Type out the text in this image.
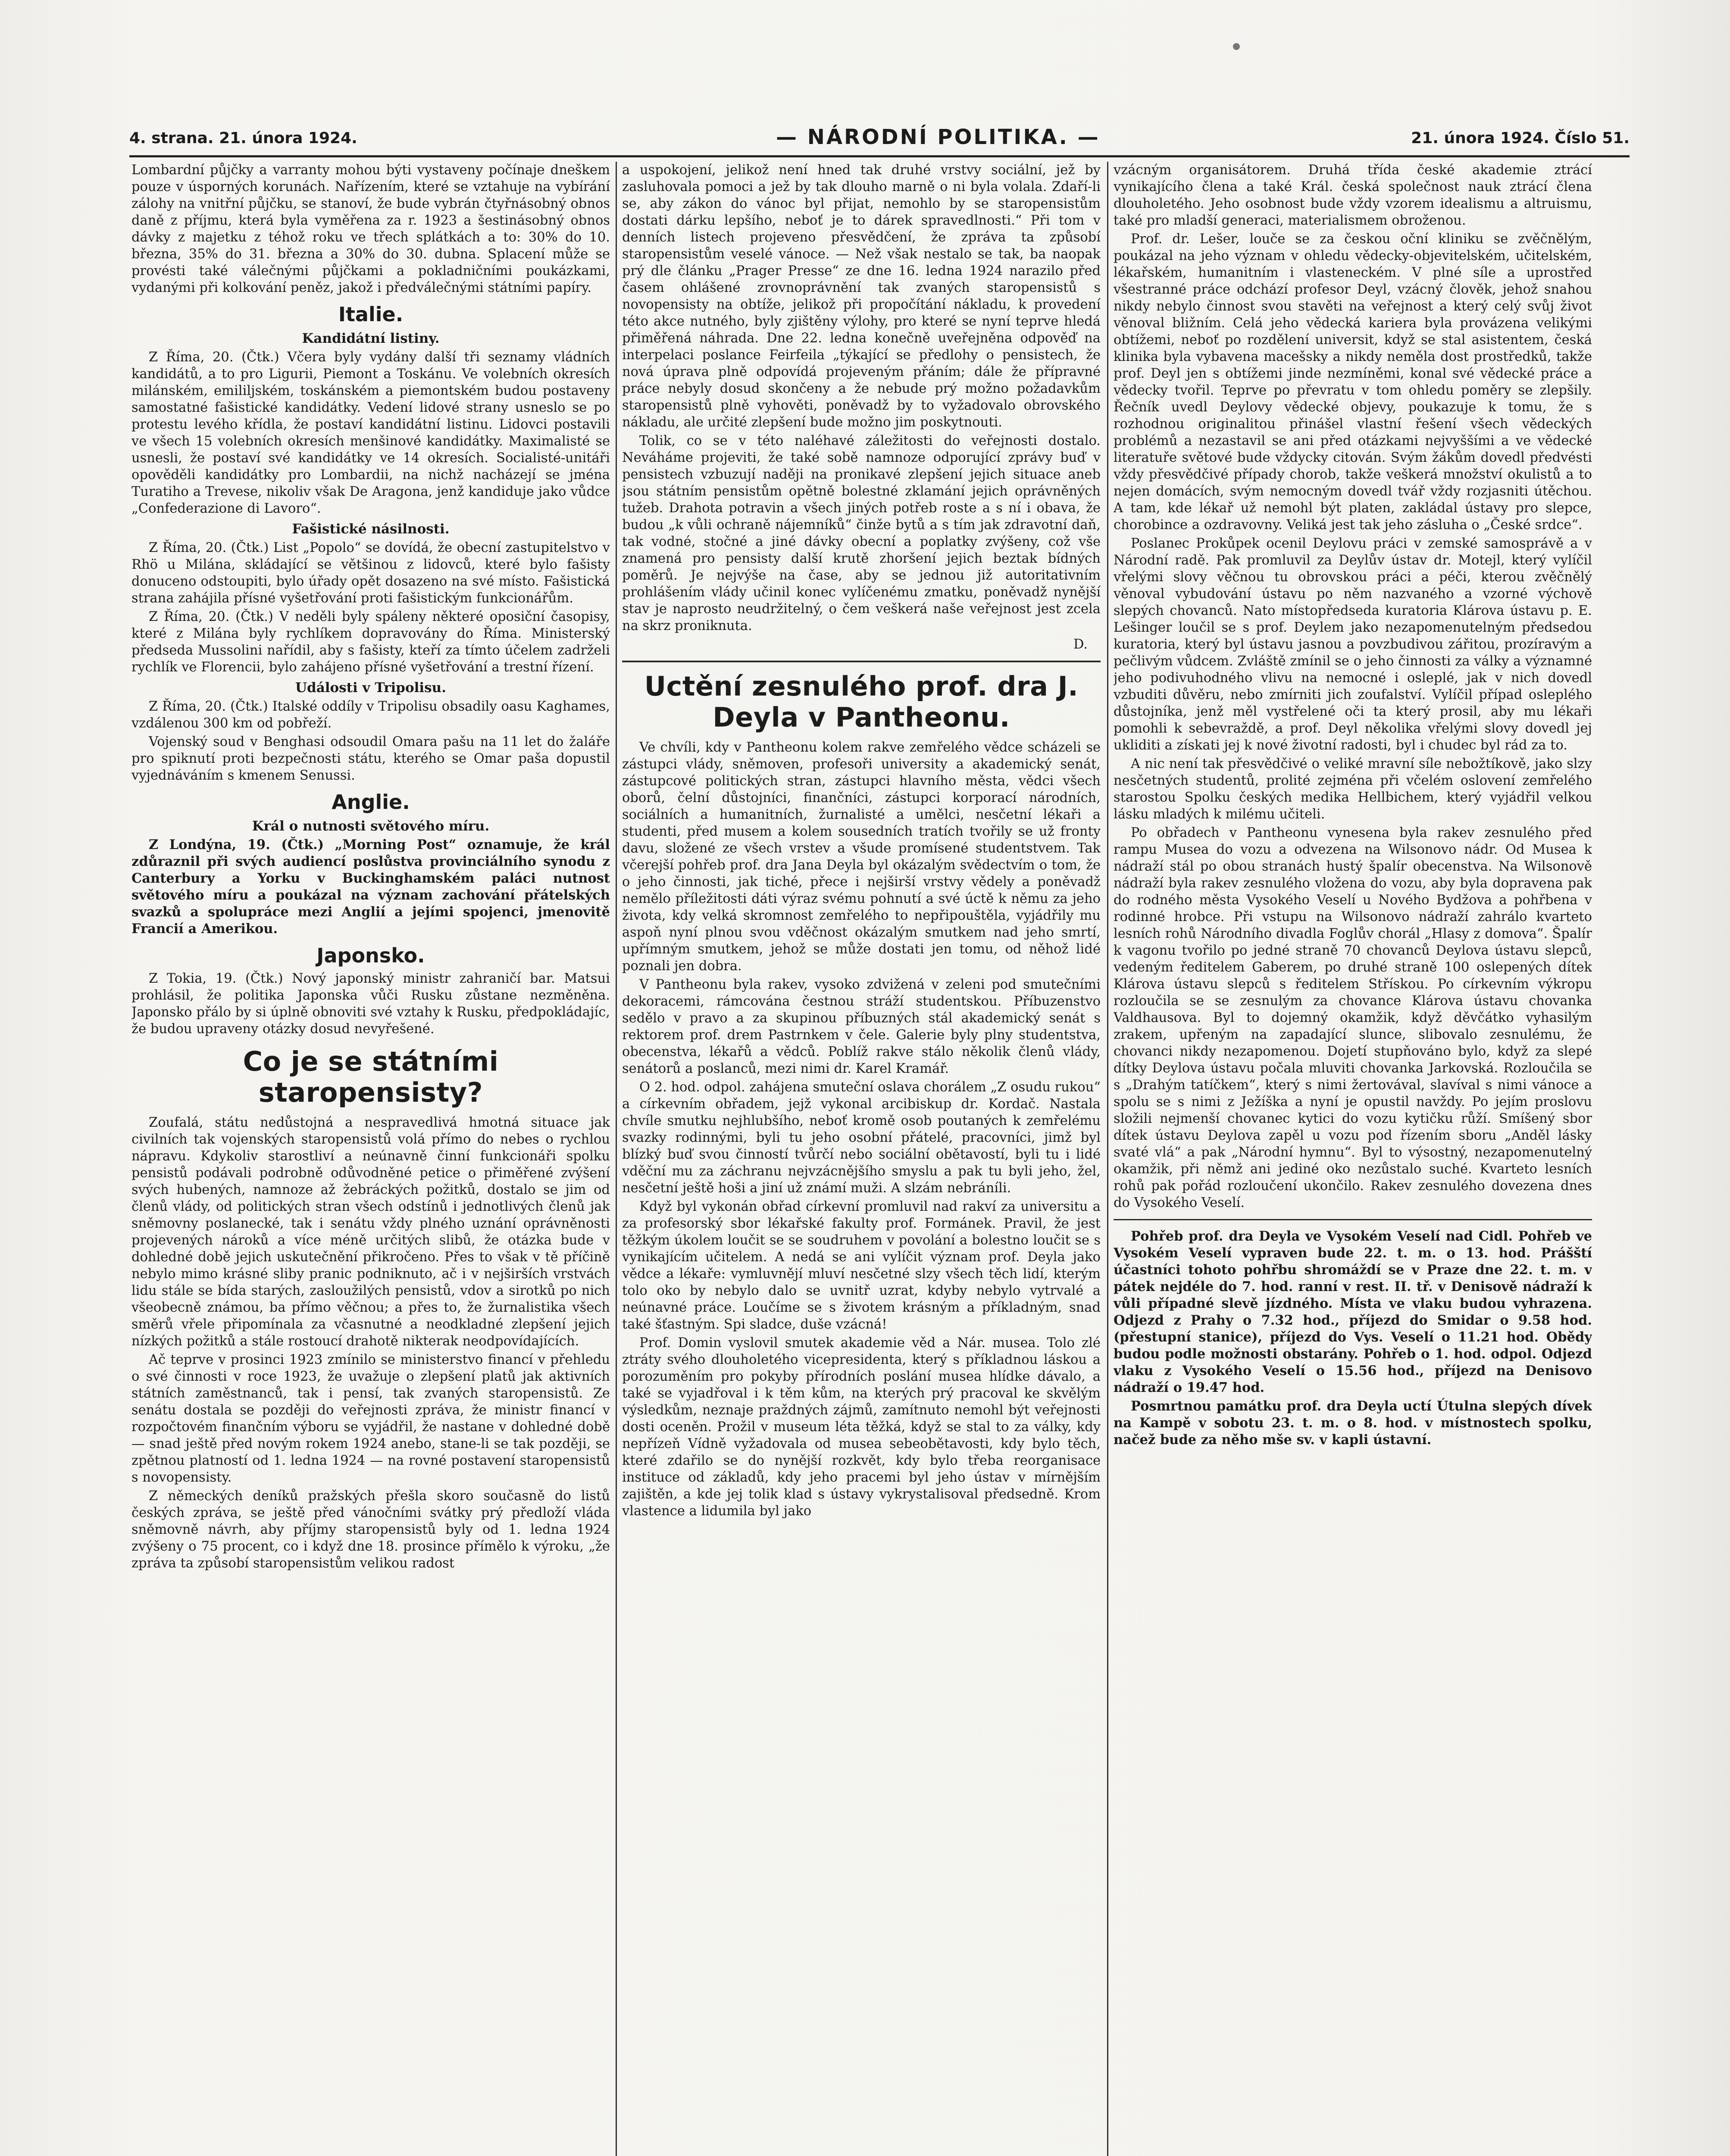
4. strana. 21. února 1924.	— NÁRODNÍ POLITIKA. —	21. února 1924. Číslo 51.

Lombardní půjčky a varranty mohou býti vystaveny počínaje dneškem pouze v úsporných korunách. Nařízením, které se vztahuje na vybírání zálohy na vnitřní půjčku, se stanoví, že bude vybrán čtyřnásobný obnos daně z příjmu, která byla vyměřena za r. 1923 a šestinásobný obnos dávky z majetku z téhož roku ve třech splátkách a to: 30% do 10. března, 35% do 31. března a 30% do 30. dubna. Splacení může se provésti také válečnými půjčkami a pokladničními poukázkami, vydanými při kolkování peněz, jakož i předválečnými státními papíry.

Italie.
Kandidátní listiny.

Z Říma, 20. (Čtk.) Včera byly vydány další tři seznamy vládních kandidátů, a to pro Ligurii, Piemont a Toskánu. Ve volebních okresích milánském, emililjském, toskánském a piemontském budou postaveny samostatné fašistické kandidátky. Vedení lidové strany usneslo se po protestu levého křídla, že postaví kandidátní listinu. Lidovci postavili ve všech 15 volebních okresích menšinové kandidátky. Maximalisté se usnesli, že postaví své kandidátky ve 14 okresích. Socialisté-unitáři opověděli kandidátky pro Lombardii, na nichž nacházejí se jména Turatiho a Trevese, nikoliv však De Aragona, jenž kandiduje jako vůdce „Confederazione di Lavoro“.

Fašistické násilnosti.

Z Říma, 20. (Čtk.) List „Popolo“ se dovídá, že obecní zastupitelstvo v Rhö u Milána, skládající se většinou z lidovců, které bylo fašisty donuceno odstoupiti, bylo úřady opět dosazeno na své místo. Fašistická strana zahájila přísné vyšetřování proti fašistickým funkcionářům.

Z Říma, 20. (Čtk.) V neděli byly spáleny některé oposiční časopisy, které z Milána byly rychlíkem dopravovány do Říma. Ministerský předseda Mussolini nařídil, aby s fašisty, kteří za tímto účelem zadrželi rychlík ve Florencii, bylo zahájeno přísné vyšetřování a trestní řízení.

Události v Tripolisu.

Z Říma, 20. (Čtk.) Italské oddíly v Tripolisu obsadily oasu Kaghames, vzdálenou 300 km od pobřeží.

Vojenský soud v Benghasi odsoudil Omara pašu na 11 let do žaláře pro spiknutí proti bezpečnosti státu, kterého se Omar paša dopustil vyjednáváním s kmenem Senussi.

Anglie.
Král o nutnosti světového míru.

Z Londýna, 19. (Čtk.) „Morning Post“ oznamuje, že král zdůraznil při svých audiencí poslůstva provinciálního synodu z Canterbury a Yorku v Buckinghamském paláci nutnost světového míru a poukázal na význam zachování přátelských svazků a spolupráce mezi Anglií a jejími spojenci, jmenovitě Francií a Amerikou.

Japonsko.

Z Tokia, 19. (Čtk.) Nový japonský ministr zahraničí bar. Matsui prohlásil, že politika Japonska vůči Rusku zůstane nezměněna. Japonsko přálo by si úplně obnoviti své vztahy k Rusku, předpokládajíc, že budou upraveny otázky dosud nevyřešené.

Co je se státními staropensisty?

Zoufalá, státu nedůstojná a nespravedlivá hmotná situace jak civilních tak vojenských staropensistů volá přímo do nebes o rychlou nápravu. Kdykoliv starostliví a neúnavně činní funkcionáři spolku pensistů podávali podrobně odůvodněné petice o přiměřené zvýšení svých hubených, namnoze až žebráckých požitků, dostalo se jim od členů vlády, od politických stran všech odstínů i jednotlivých členů jak sněmovny poslanecké, tak i senátu vždy plného uznání oprávněnosti projevených nároků a více méně určitých slibů, že otázka bude v dohledné době jejich uskutečnění přikročeno. Přes to však v tě příčině nebylo mimo krásné sliby pranic podniknuto, ač i v nejširších vrstvách lidu stále se bída starých, zasloužilých pensistů, vdov a sirotků po nich všeobecně známou, ba přímo věčnou; a přes to, že žurnalistika všech směrů vřele připomínala za včasnutné a neodkladné zlepšení jejich nízkých požitků a stále rostoucí drahotě nikterak neodpovídajících.

Ač teprve v prosinci 1923 zmínilo se ministerstvo financí v přehledu o své činnosti v roce 1923, že uvažuje o zlepšení platů jak aktivních státních zaměstnanců, tak i pensí, tak zvaných staropensistů. Ze senátu dostala se později do veřejnosti zpráva, že ministr financí v rozpočtovém finančním výboru se vyjádřil, že nastane v dohledné době — snad ještě před novým rokem 1924 anebo, stane-li se tak později, se zpětnou platností od 1. ledna 1924 — na rovné postavení staropensistů s novopensisty.

Z německých deníků pražských přešla skoro současně do listů českých zpráva, se ještě před vánočními svátky prý předloží vláda sněmovně návrh, aby příjmy staropensistů byly od 1. ledna 1924 zvýšeny o 75 procent, co i když dne 18. prosince přímělo k výroku, „že zpráva ta způsobí staropensistům velikou radost

a uspokojení, jelikož není hned tak druhé vrstvy sociální, jež by zasluhovala pomoci a jež by tak dlouho marně o ni byla volala. Zdaří-li se, aby zákon do vánoc byl přijat, nemohlo by se staropensistům dostati dárku lepšího, neboť je to dárek spravedlnosti.“ Při tom v denních listech projeveno přesvědčení, že zpráva ta způsobí staropensistům veselé vánoce. — Než však nestalo se tak, ba naopak prý dle článku „Prager Presse“ ze dne 16. ledna 1924 narazilo před časem ohlášené zrovnoprávnění tak zvaných staropensistů s novopensisty na obtíže, jelikož při propočítání nákladu, k provedení této akce nutného, byly zjištěny výlohy, pro které se nyní teprve hledá přiměřená náhrada. Dne 22. ledna konečně uveřejněna odpověď na interpelaci poslance Feirfeila „týkající se předlohy o pensistech, že nová úprava plně odpovídá projeveným přáním; dále že přípravné práce nebyly dosud skončeny a že nebude prý možno požadavkům staropensistů plně vyhověti, poněvadž by to vyžadovalo obrovského nákladu, ale určité zlepšení bude možno jim poskytnouti.

Tolik, co se v této naléhavé záležitosti do veřejnosti dostalo. Neváháme projeviti, že také sobě namnoze odporující zprávy buď v pensistech vzbuzují naději na pronikavé zlepšení jejich situace aneb jsou státním pensistům opětně bolestné zklamání jejich oprávněných tužeb. Drahota potravin a všech jiných potřeb roste a s ní i obava, že budou „k vůli ochraně nájemníků“ činže bytů a s tím jak zdravotní daň, tak vodné, stočné a jiné dávky obecní a poplatky zvýšeny, což vše znamená pro pensisty další krutě zhoršení jejich beztak bídných poměrů. Je nejvýše na čase, aby se jednou již autoritativním prohlášením vlády učinil konec vylíčenému zmatku, poněvadž nynější stav je naprosto neudržitelný, o čem veškerá naše veřejnost jest zcela na skrz proniknuta.

D.

Uctění zesnulého prof. dra J. Deyla v Pantheonu.

Ve chvíli, kdy v Pantheonu kolem rakve zemřelého vědce scházeli se zástupci vlády, sněmoven, profesoři university a akademický senát, zástupcové politických stran, zástupci hlavního města, vědci všech oborů, čelní důstojníci, finančníci, zástupci korporací národních, sociálních a humanitních, žurnalisté a umělci, nesčetní lékaři a studenti, před musem a kolem sousedních tratích tvořily se už fronty davu, složené ze všech vrstev a všude promísené studentstvem. Tak včerejší pohřeb prof. dra Jana Deyla byl okázalým svědectvím o tom, že o jeho činnosti, jak tiché, přece i nejširší vrstvy vědely a poněvadž nemělo příležitosti dáti výraz svému pohnutí a své úctě k němu za jeho života, kdy velká skromnost zemřelého to nepřipouštěla, vyjádřily mu aspoň nyní plnou svou vděčnost okázalým smutkem nad jeho smrtí, upřímným smutkem, jehož se může dostati jen tomu, od něhož lidé poznali jen dobra.

V Pantheonu byla rakev, vysoko zdvižená v zeleni pod smutečními dekoracemi, rámcována čestnou stráží studentskou. Příbuzenstvo sedělo v pravo a za skupinou příbuzných stál akademický senát s rektorem prof. drem Pastrnkem v čele. Galerie byly plny studentstva, obecenstva, lékařů a vědců. Poblíž rakve stálo několik členů vlády, senátorů a poslanců, mezi nimi dr. Karel Kramář.

O 2. hod. odpol. zahájena smuteční oslava chorálem „Z osudu rukou“ a církevním obřadem, jejž vykonal arcibiskup dr. Kordač. Nastala chvíle smutku nejhlubšího, neboť kromě osob poutaných k zemřelému svazky rodinnými, byli tu jeho osobní přátelé, pracovníci, jimž byl blízký buď svou činností tvůrčí nebo sociální obětavostí, byli tu i lidé vděční mu za záchranu nejvzácnějšího smyslu a pak tu byli jeho, žel, nesčetní ještě hoši a jiní už známí muži. A slzám nebráníli.

Když byl vykonán obřad církevní promluvil nad rakví za universitu a za profesorský sbor lékařské fakulty prof. Formánek. Pravil, že jest těžkým úkolem loučit se se soudruhem v povolání a bolestno loučit se s vynikajícím učitelem. A nedá se ani vylíčit význam prof. Deyla jako vědce a lékaře: vymluvnějí mluví nesčetné slzy všech těch lidí, kterým tolo oko by nebylo dalo se uvnitř uzrat, kdyby nebylo vytrvalé a neúnavné práce. Loučíme se s životem krásným a příkladným, snad také šťastným. Spi sladce, duše vzácná!

Prof. Domin vyslovil smutek akademie věd a Nár. musea. Tolo zlé ztráty svého dlouholetého vicepresidenta, který s příkladnou láskou a porozuměním pro pokyby přírodních poslání musea hlídke dávalo, a také se vyjadřoval i k těm kům, na kterých prý pracoval ke skvělým výsledkům, neznaje praždných zájmů, zamítnuto nemohl být veřejnosti dosti oceněn. Prožil v museum léta těžká, když se stal to za války, kdy nepřízeň Vídně vyžadovala od musea sebeobětavosti, kdy bylo těch, které zdařilo se do nynější rozkvět, kdy bylo třeba reorganisace instituce od základů, kdy jeho pracemi byl jeho ústav v mírnějším zajištěn, a kde jej tolik klad s ústavy vykrystalisoval předsedně. Krom vlastence a lidumila byl jako

vzácným organisátorem. Druhá třída české akademie ztrácí vynikajícího člena a také Král. česká společnost nauk ztrácí člena dlouholetého. Jeho osobnost bude vždy vzorem idealismu a altruismu, také pro mladší generaci, materialismem obroženou.

Prof. dr. Lešer, louče se za českou oční kliniku se zvěčnělým, poukázal na jeho význam v ohledu vědecky-objevitelském, učitelském, lékařském, humanitním i vlasteneckém. V plné síle a uprostřed všestranné práce odchází profesor Deyl, vzácný člověk, jehož snahou nikdy nebylo činnost svou stavěti na veřejnost a který celý svůj život věnoval bližním. Celá jeho vědecká kariera byla provázena velikými obtížemi, neboť po rozdělení universit, když se stal asistentem, česká klinika byla vybavena macešsky a nikdy neměla dost prostředků, takže prof. Deyl jen s obtížemi jinde nezmíněmi, konal své vědecké práce a vědecky tvořil. Teprve po převratu v tom ohledu poměry se zlepšily. Řečník uvedl Deylovy vědecké objevy, poukazuje k tomu, že s rozhodnou originalitou přinášel vlastní řešení všech vědeckých problémů a nezastavil se ani před otázkami nejvyššími a ve vědecké literatuře světové bude vždycky citován. Svým žákům dovedl předvésti vždy přesvědčivé případy chorob, takže veškerá množství okulistů a to nejen domácích, svým nemocným dovedl tvář vždy rozjasniti útěchou. A tam, kde lékař už nemohl být platen, zakládal ústavy pro slepce, chorobince a ozdravovny. Veliká jest tak jeho zásluha o „České srdce“.

Poslanec Prokůpek ocenil Deylovu práci v zemské samosprávě a v Národní radě. Pak promluvil za Deylův ústav dr. Motejl, který vylíčil vřelými slovy věčnou tu obrovskou práci a péči, kterou zvěčnělý věnoval vybudování ústavu po něm nazvaného a vzorné výchově slepých chovanců. Nato místopředseda kuratoria Klárova ústavu p. E. Lešinger loučil se s prof. Deylem jako nezapomenutelným předsedou kuratoria, který byl ústavu jasnou a povzbudivou zářitou, prozíravým a pečlivým vůdcem. Zvláště zmínil se o jeho činnosti za války a významné jeho podivuhodného vlivu na nemocné i osleplé, jak v nich dovedl vzbuditi důvěru, nebo zmírniti jich zoufalství. Vylíčil případ osleplého důstojníka, jenž měl vystřelené oči ta který prosil, aby mu lékaři pomohli k sebevraždě, a prof. Deyl několika vřelými slovy dovedl jej ukliditi a získati jej k nové životní radosti, byl i chudec byl rád za to.

A nic není tak přesvědčivé o veliké mravní síle nebožtíkově, jako slzy nesčetných studentů, prolité zejména při včelém oslovení zemřelého starostou Spolku českých medika Hellbichem, který vyjádřil velkou lásku mladých k milému učiteli.

Po obřadech v Pantheonu vynesena byla rakev zesnulého před rampu Musea do vozu a odvezena na Wilsonovo nádr. Od Musea k nádraží stál po obou stranách hustý špalír obecenstva. Na Wilsonově nádraží byla rakev zesnulého vložena do vozu, aby byla dopravena pak do rodného města Vysokého Veselí u Nového Bydžova a pohřbena v rodinné hrobce. Při vstupu na Wilsonovo nádraží zahrálo kvarteto lesních rohů Národního divadla Foglův chorál „Hlasy z domova“. Špalír k vagonu tvořilo po jedné straně 70 chovanců Deylova ústavu slepců, vedeným ředitelem Gaberem, po druhé straně 100 oslepených dítek Klárova ústavu slepců s ředitelem Střískou. Po církevním výkropu rozloučila se se zesnulým za chovance Klárova ústavu chovanka Valdhausova. Byl to dojemný okamžik, když děvčátko vyhasilým zrakem, upřeným na zapadající slunce, slibovalo zesnulému, že chovanci nikdy nezapomenou. Dojetí stupňováno bylo, když za slepé dítky Deylova ústavu počala mluviti chovanka Jarkovská. Rozloučila se s „Drahým tatíčkem“, který s nimi žertovával, slavíval s nimi vánoce a spolu se s nimi z Ježíška a nyní je opustil navždy. Po jejím proslovu složili nejmenší chovanec kytici do vozu kytičku růží. Smíšený sbor dítek ústavu Deylova zapěl u vozu pod řízením sboru „Anděl lásky svaté vlá“ a pak „Národní hymnu“. Byl to výsostný, nezapomenutelný okamžik, při němž ani jediné oko nezůstalo suché. Kvarteto lesních rohů pak pořád rozloučení ukončilo. Rakev zesnulého dovezena dnes do Vysokého Veselí.

Pohřeb prof. dra Deyla ve Vysokém Veselí nad Cidl. Pohřeb ve Vysokém Veselí vypraven bude 22. t. m. o 13. hod. Prášští účastníci tohoto pohřbu shromáždí se v Praze dne 22. t. m. v pátek nejdéle do 7. hod. ranní v rest. II. tř. v Denisově nádraží k vůli případné slevě jízdného. Místa ve vlaku budou vyhrazena. Odjezd z Prahy o 7.32 hod., příjezd do Smidar o 9.58 hod. (přestupní stanice), příjezd do Vys. Veselí o 11.21 hod. Obědy budou podle možnosti obstarány. Pohřeb o 1. hod. odpol. Odjezd vlaku z Vysokého Veselí o 15.56 hod., příjezd na Denisovo nádraží o 19.47 hod.

Posmrtnou památku prof. dra Deyla uctí Útulna slepých dívek na Kampě v sobotu 23. t. m. o 8. hod. v místnostech spolku, načež bude za něho mše sv. v kapli ústavní.
